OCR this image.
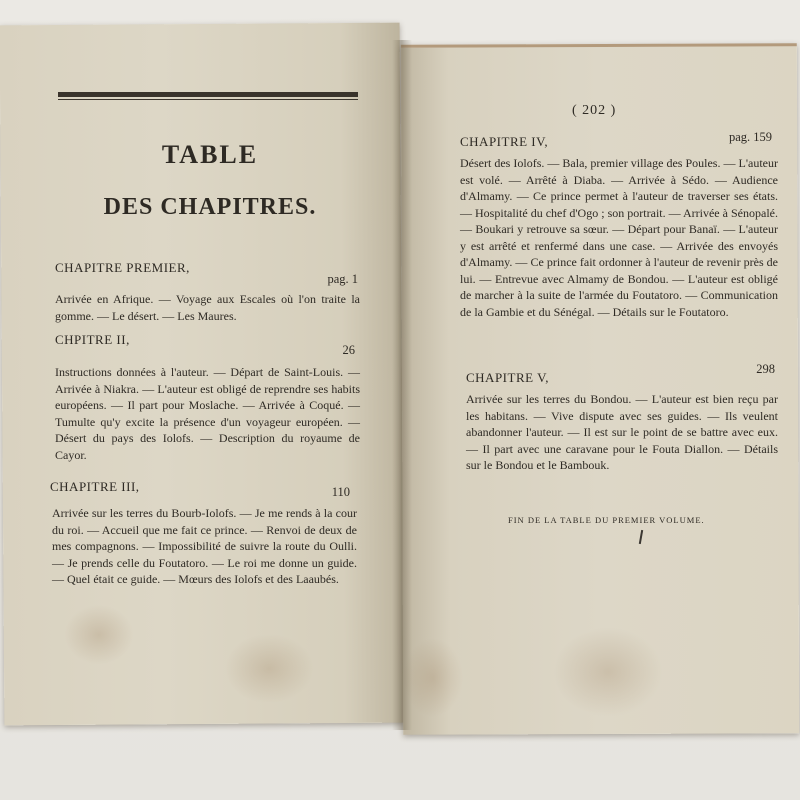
TABLE
DES CHAPITRES.
CHAPITRE PREMIER,
pag. 1
Arrivée en Afrique. — Voyage aux Escales où l'on traite la gomme. — Le désert. — Les Maures.
CHPITRE II,
26
Instructions données à l'auteur. — Départ de Saint-Louis. — Arrivée à Niakra. — L'auteur est obligé de reprendre ses habits européens. — Il part pour Moslache. — Arrivée à Coqué. — Tumulte qu'y excite la présence d'un voyageur européen. — Désert du pays des Iolofs. — Description du royaume de Cayor.
CHAPITRE III,	110
Arrivée sur les terres du Bourb-Iolofs. — Je me rends à la cour du roi. — Accueil que me fait ce prince. — Renvoi de deux de mes compagnons. — Impossibilité de suivre la route du Oulli. — Je prends celle du Foutatoro. — Le roi me donne un guide. — Quel était ce guide. — Mœurs des Iolofs et des Laaubés.
( 202 )
CHAPITRE IV,	pag. 159
Désert des Iolofs. — Bala, premier village des Poules. — L'auteur est volé. — Arrêté à Diaba. — Arrivée à Sédo. — Audience d'Almamy. — Ce prince permet à l'auteur de traverser ses états. — Hospitalité du chef d'Ogo ; son portrait. — Arrivée à Sénopalé. — Boukari y retrouve sa sœur. — Départ pour Banaï. — L'auteur y est arrêté et renfermé dans une case. — Arrivée des envoyés d'Almamy. — Ce prince fait ordonner à l'auteur de revenir près de lui. — Entrevue avec Almamy de Bondou. — L'auteur est obligé de marcher à la suite de l'armée du Foutatoro. — Communication de la Gambie et du Sénégal. — Détails sur le Foutatoro.
CHAPITRE V,
298
Arrivée sur les terres du Bondou. — L'auteur est bien reçu par les habitans. — Vive dispute avec ses guides. — Ils veulent abandonner l'auteur. — Il est sur le point de se battre avec eux. — Il part avec une caravane pour le Fouta Diallon. — Détails sur le Bondou et le Bambouk.
FIN DE LA TABLE DU PREMIER VOLUME.
